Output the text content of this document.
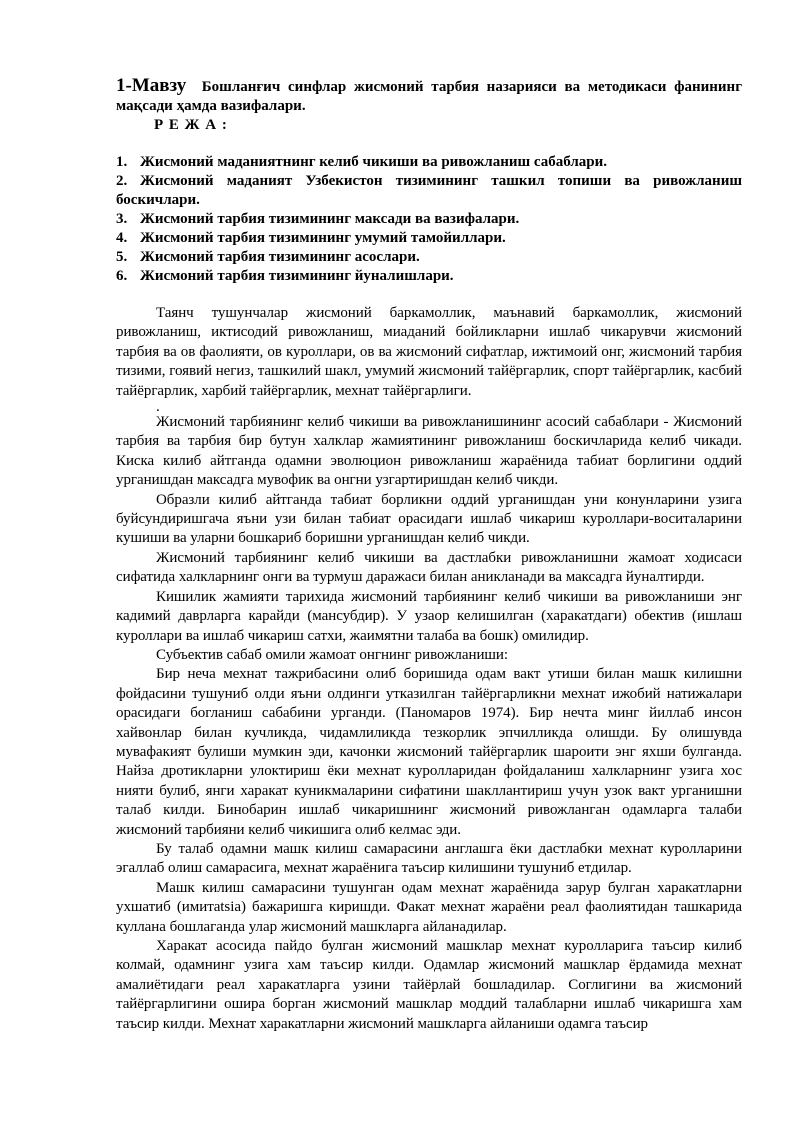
1-Мавзу Бошланғич синфлар жисмоний тарбия назарияси ва методикаси фанининг мақсади ҳамда вазифалари.
Р Е Ж А :
1. Жисмоний маданиятнинг келиб чикиши ва ривожланиш сабаблари.
2. Жисмоний маданият Узбекистон тизимининг ташкил топиши ва ривожланиш боскичлари.
3. Жисмоний тарбия тизимининг максади ва вазифалари.
4. Жисмоний тарбия тизимининг умумий тамойиллари.
5. Жисмоний тарбия тизимининг асослари.
6. Жисмоний тарбия тизимининг йуналишлари.

Таянч тушунчалар жисмоний баркамоллик, маънавий баркамоллик, жисмоний ривожланиш, иктисодий ривожланиш, миаданий бойликларни ишлаб чикарувчи жисмоний тарбия ва ов фаолияти, ов куроллари, ов ва жисмоний сифатлар, ижтимоий онг, жисмоний тарбия тизими, гоявий негиз, ташкилий шакл, умумий жисмоний тайёргарлик, спорт тайёргарлик, касбий тайёргарлик, харбий тайёргарлик, мехнат тайёргарлиги.

.

Жисмоний тарбиянинг келиб чикиши ва ривожланишининг асосий сабаблари - Жисмоний тарбия ва тарбия бир бутун халклар жамиятининг ривожланиш боскичларида келиб чикади. Киска килиб айтганда одамни эволюцион ривожланиш жараёнида табиат борлигини оддий урганишдан максадга мувофик ва онгни узгартиришдан келиб чикди.

Образли килиб айтганда табиат борликни оддий урганишдан уни конунларини узига буйсундиришгача яъни узи билан табиат орасидаги ишлаб чикариш куроллари-воситаларини кушиши ва уларни бошкариб боришни урганишдан келиб чикди.

Жисмоний тарбиянинг келиб чикиши ва дастлабки ривожланишни жамоат ходисаси сифатида халкларнинг онги ва турмуш даражаси билан аникланади ва максадга йуналтирди.

Кишилик жамияти тарихида жисмоний тарбиянинг келиб чикиши ва ривожланиши энг кадимий даврларга карайди (мансубдир). У узаор келишилган (харакатдаги) обектив (ишлаш куроллари ва ишлаб чикариш сатхи, жаимятни талаба ва бошк) омилидир.

Субъектив сабаб омили жамоат онгнинг ривожланиши:

Бир неча мехнат тажрибасини олиб боришида одам вакт утиши билан машк килишни фойдасини тушуниб олди яъни олдинги утказилган тайёргарликни мехнат ижобий натижалари орасидаги богланиш сабабини урганди. (Паномаров 1974). Бир нечта минг йиллаб инсон хайвонлар билан кучликда, чидамлиликда тезкорлик эпчилликда олишди. Бу олишувда мувафакият булиши мумкин эди, качонки жисмоний тайёргарлик шароити энг яхши булганда. Найза дротикларни улоктириш ёки мехнат куролларидан фойдаланиш халкларнинг узига хос нияти булиб, янги харакат куникмаларини сифатини шакллантириш учун узок вакт урганишни талаб килди. Бинобарин ишлаб чикаришнинг жисмоний ривожланган одамларга талаби жисмоний тарбияни келиб чикишига олиб келмас эди.

Бу талаб одамни машк килиш самарасини англашга ёки дастлабки мехнат куролларини эгаллаб олиш самарасига, мехнат жараёнига таъсир килишини тушуниб етдилар.

Машк килиш самарасини тушунган одам мехнат жараёнида зарур булган харакатларни ухшатиб (имитatsia) бажаришга киришди. Факат мехнат жараёни реал фаолиятидан ташкарида куллана бошлаганда улар жисмоний машкларга айланадилар.

Харакат асосида пайдо булган жисмоний машклар мехнат куролларига таъсир килиб колмай, одамнинг узига хам таъсир килди. Одамлар жисмоний машклар ёрдамида мехнат амалиётидаги реал харакатларга узини тайёрлай бошладилар. Соглигини ва жисмоний тайёргарлигини ошира борган жисмоний машклар моддий талабларни ишлаб чикаришга хам таъсир килди. Мехнат харакатларни жисмоний машкларга айланиши одамга таъсир
